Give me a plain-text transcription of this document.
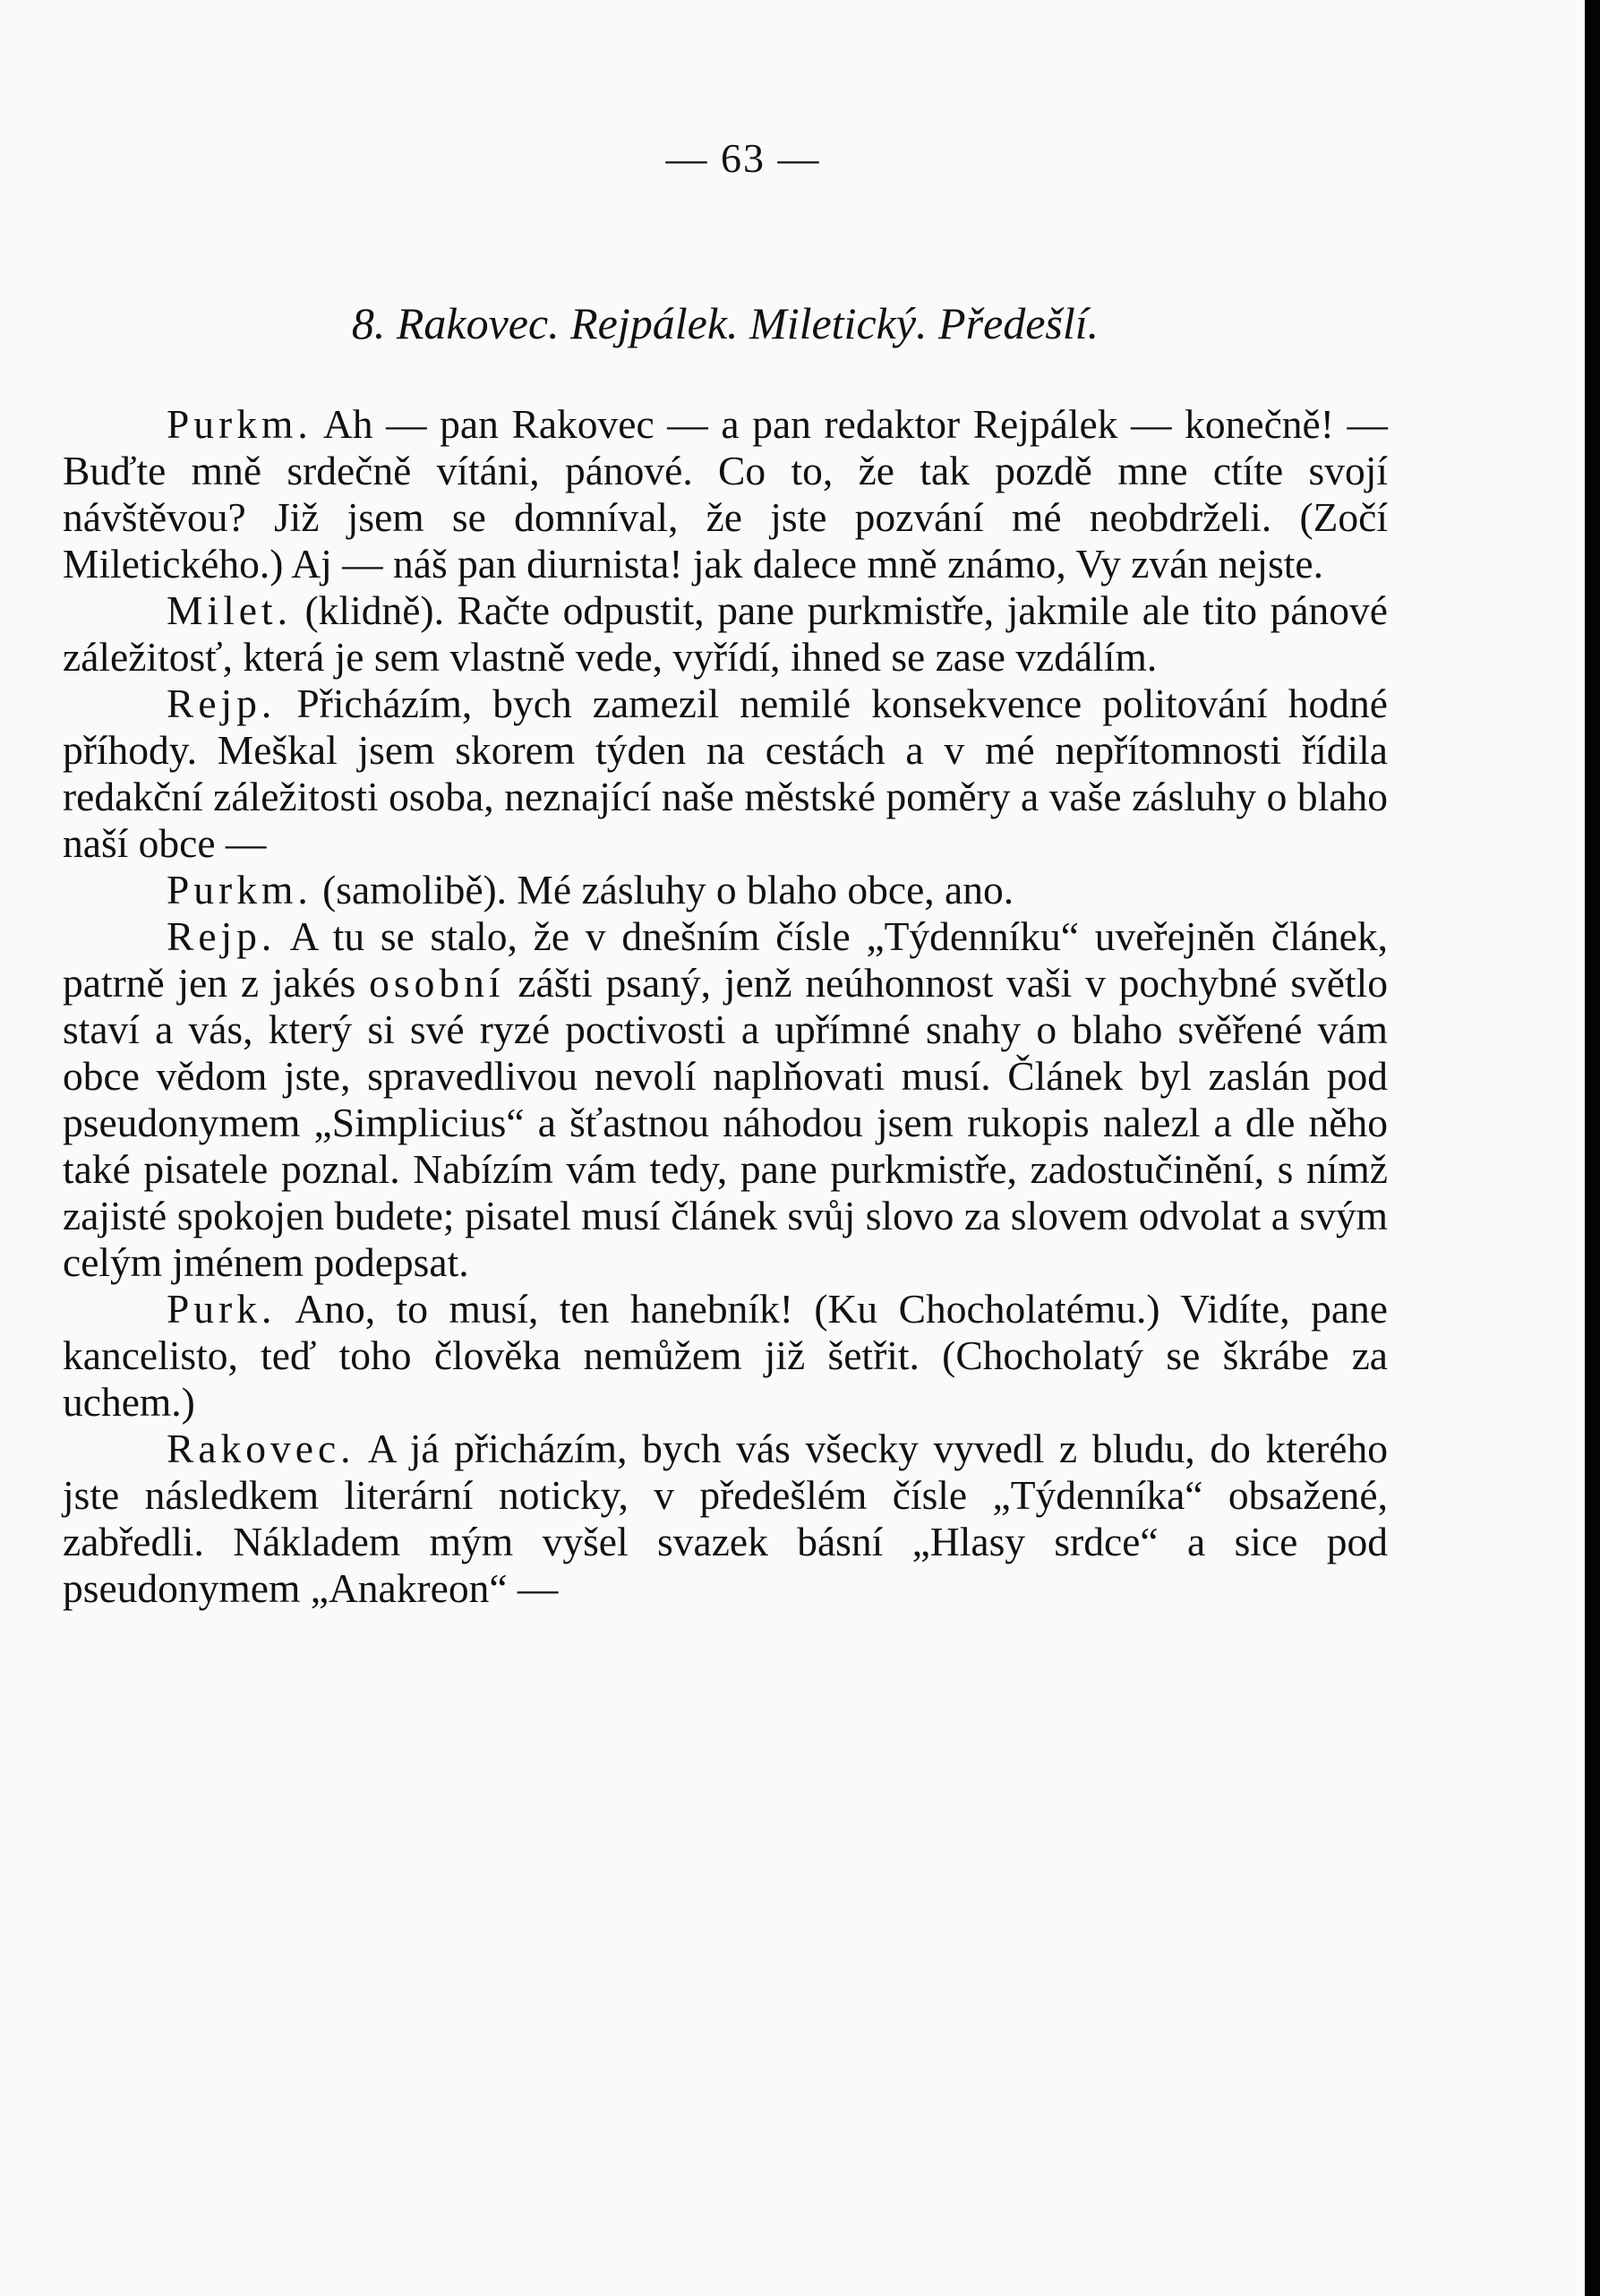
— 63 —
8. Rakovec. Rejpálek. Miletický. Předešlí.

Purkm. Ah — pan Rakovec — a pan redaktor Rejpálek — konečně! — Buďte mně srdečně vítáni, pánové. Co to, že tak pozdě mne ctíte svojí návštěvou? Již jsem se domníval, že jste pozvání mé neobdrželi. (Zočí Miletického.) Aj — náš pan diurnista! jak dalece mně známo, Vy zván nejste.

Milet. (klidně). Račte odpustit, pane purkmistře, jakmile ale tito pánové záležitosť, která je sem vlastně vede, vyřídí, ihned se zase vzdálím.

Rejp. Přicházím, bych zamezil nemilé konsekvence politování hodné příhody. Meškal jsem skorem týden na cestách a v mé nepřítomnosti řídila redakční záležitosti osoba, neznající naše městské poměry a vaše zásluhy o blaho naší obce —

Purkm. (samolibě). Mé zásluhy o blaho obce, ano.

Rejp. A tu se stalo, že v dnešním čísle „Týdenníku“ uveřejněn článek, patrně jen z jakés osobní zášti psaný, jenž neúhonnost vaši v pochybné světlo staví a vás, který si své ryzé poctivosti a upřímné snahy o blaho svěřené vám obce vědom jste, spravedlivou nevolí naplňovati musí. Článek byl zaslán pod pseudonymem „Simplicius“ a šťastnou náhodou jsem rukopis nalezl a dle něho také pisatele poznal. Nabízím vám tedy, pane purkmistře, zadostučinění, s nímž zajisté spokojen budete; pisatel musí článek svůj slovo za slovem odvolat a svým celým jménem podepsat.

Purk. Ano, to musí, ten hanebník! (Ku Chocholatému.) Vidíte, pane kancelisto, teď toho člověka nemůžem již šetřit. (Chocholatý se škrábe za uchem.)

Rakovec. A já přicházím, bych vás všecky vyvedl z bludu, do kterého jste následkem literární noticky, v předešlém čísle „Týdenníka“ obsažené, zabředli. Nákladem mým vyšel svazek básní „Hlasy srdce“ a sice pod pseudonymem „Anakreon“ —
